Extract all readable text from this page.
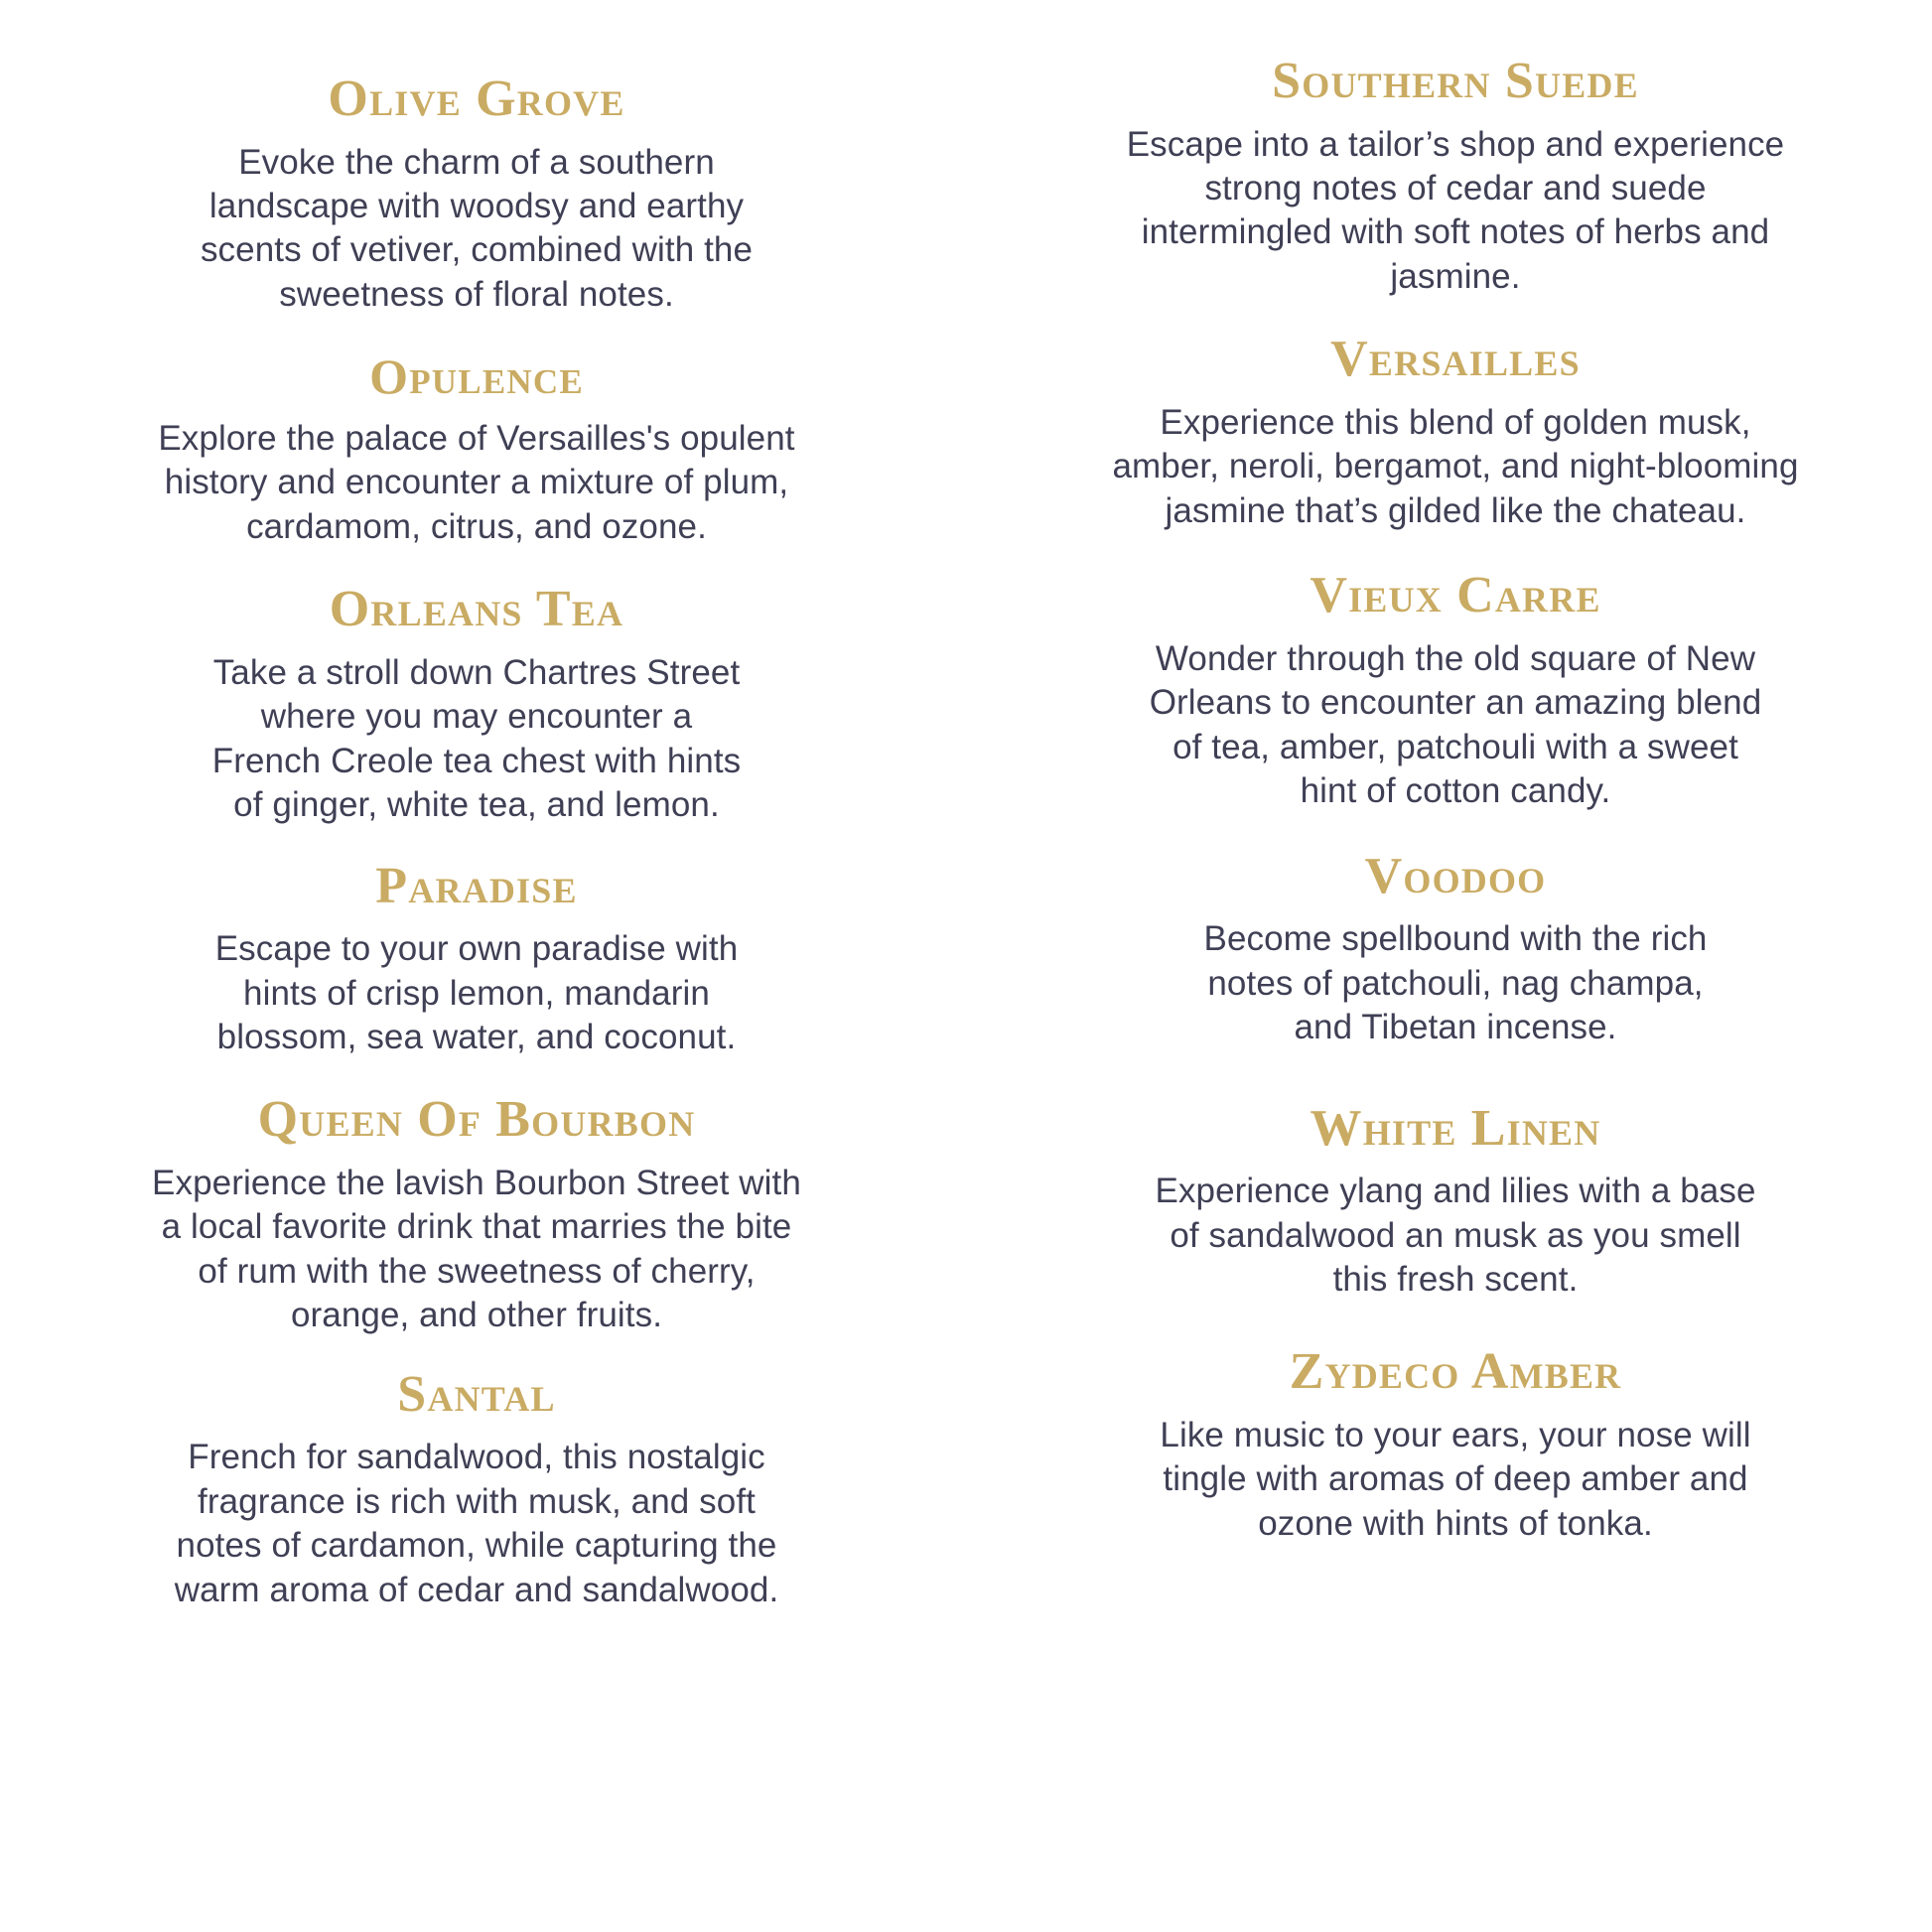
Olive Grove

Evoke the charm of a southern
landscape with woodsy and earthy
scents of vetiver, combined with the
sweetness of floral notes.

Opulence

Explore the palace of Versailles's opulent
history and encounter a mixture of plum,
cardamom, citrus, and ozone.

Orleans Tea

Take a stroll down Chartres Street
where you may encounter a
French Creole tea chest with hints
of ginger, white tea, and lemon.

Paradise

Escape to your own paradise with
hints of crisp lemon, mandarin
blossom, sea water, and coconut.

Queen Of Bourbon

Experience the lavish Bourbon Street with
a local favorite drink that marries the bite
of rum with the sweetness of cherry,
orange, and other fruits.

Santal

French for sandalwood, this nostalgic
fragrance is rich with musk, and soft
notes of cardamon, while capturing the
warm aroma of cedar and sandalwood.

Southern Suede

Escape into a tailor’s shop and experience
strong notes of cedar and suede
intermingled with soft notes of herbs and
jasmine.

Versailles

Experience this blend of golden musk,
amber, neroli, bergamot, and night-blooming
jasmine that’s gilded like the chateau.

Vieux Carre

Wonder through the old square of New
Orleans to encounter an amazing blend
of tea, amber, patchouli with a sweet
hint of cotton candy.

Voodoo

Become spellbound with the rich
notes of patchouli, nag champa,
and Tibetan incense.

White Linen

Experience ylang and lilies with a base
of sandalwood an musk as you smell
this fresh scent.

Zydeco Amber

Like music to your ears, your nose will
tingle with aromas of deep amber and
ozone with hints of tonka.
